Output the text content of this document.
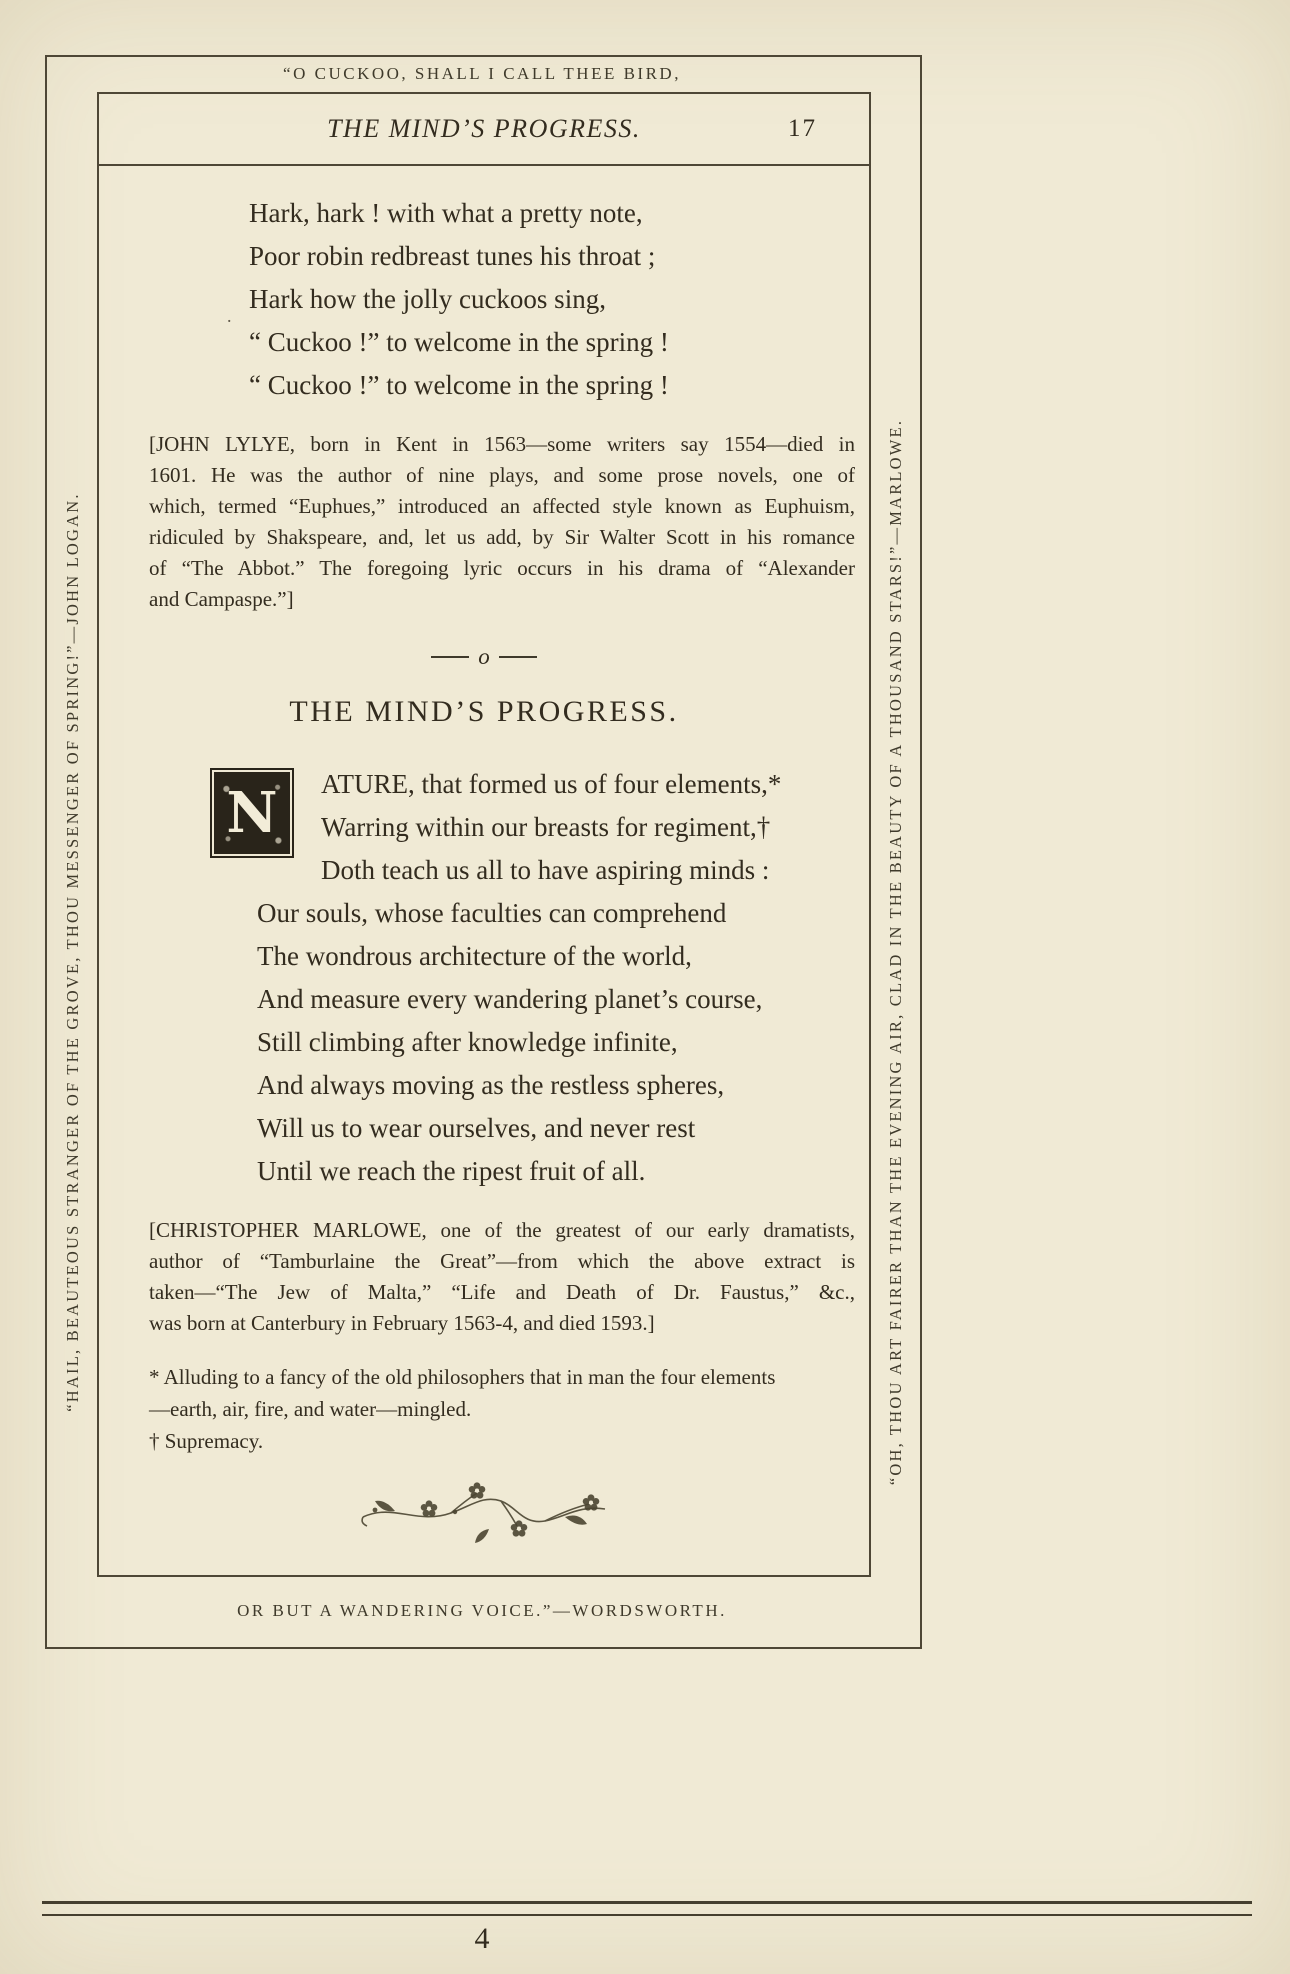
“O CUCKOO, SHALL I CALL THEE BIRD,
“HAIL, BEAUTEOUS STRANGER OF THE GROVE, THOU MESSENGER OF SPRING!”—JOHN LOGAN.	“OH, THOU ART FAIRER THAN THE EVENING AIR, CLAD IN THE BEAUTY OF A THOUSAND STARS!”—MARLOWE.
THE MIND’S PROGRESS.	17
Hark, hark ! with what a pretty note,
Poor robin redbreast tunes his throat ;
Hark how the jolly cuckoos sing,
“ Cuckoo !” to welcome in the spring !
“ Cuckoo !” to welcome in the spring !
.
[JOHN LYLYE, born in Kent in 1563—some writers say 1554—died in
1601. He was the author of nine plays, and some prose novels, one of
which, termed “Euphues,” introduced an affected style known as Euphuism,
ridiculed by Shakspeare, and, let us add, by Sir Walter Scott in his romance
of “The Abbot.” The foregoing lyric occurs in his drama of “Alexander
and Campaspe.”]
o
THE MIND’S PROGRESS.
N	ATURE, that formed us of four elements,*
Warring within our breasts for regiment,†
Doth teach us all to have aspiring minds :
Our souls, whose faculties can comprehend
The wondrous architecture of the world,
And measure every wandering planet’s course,
Still climbing after knowledge infinite,
And always moving as the restless spheres,
Will us to wear ourselves, and never rest
Until we reach the ripest fruit of all.
[CHRISTOPHER MARLOWE, one of the greatest of our early dramatists,
author of “Tamburlaine the Great”—from which the above extract is
taken—“The Jew of Malta,” “Life and Death of Dr. Faustus,” &c.,
was born at Canterbury in February 1563-4, and died 1593.]
* Alluding to a fancy of the old philosophers that in man the four elements
—earth, air, fire, and water—mingled.
† Supremacy.
OR BUT A WANDERING VOICE.”—WORDSWORTH.
4
